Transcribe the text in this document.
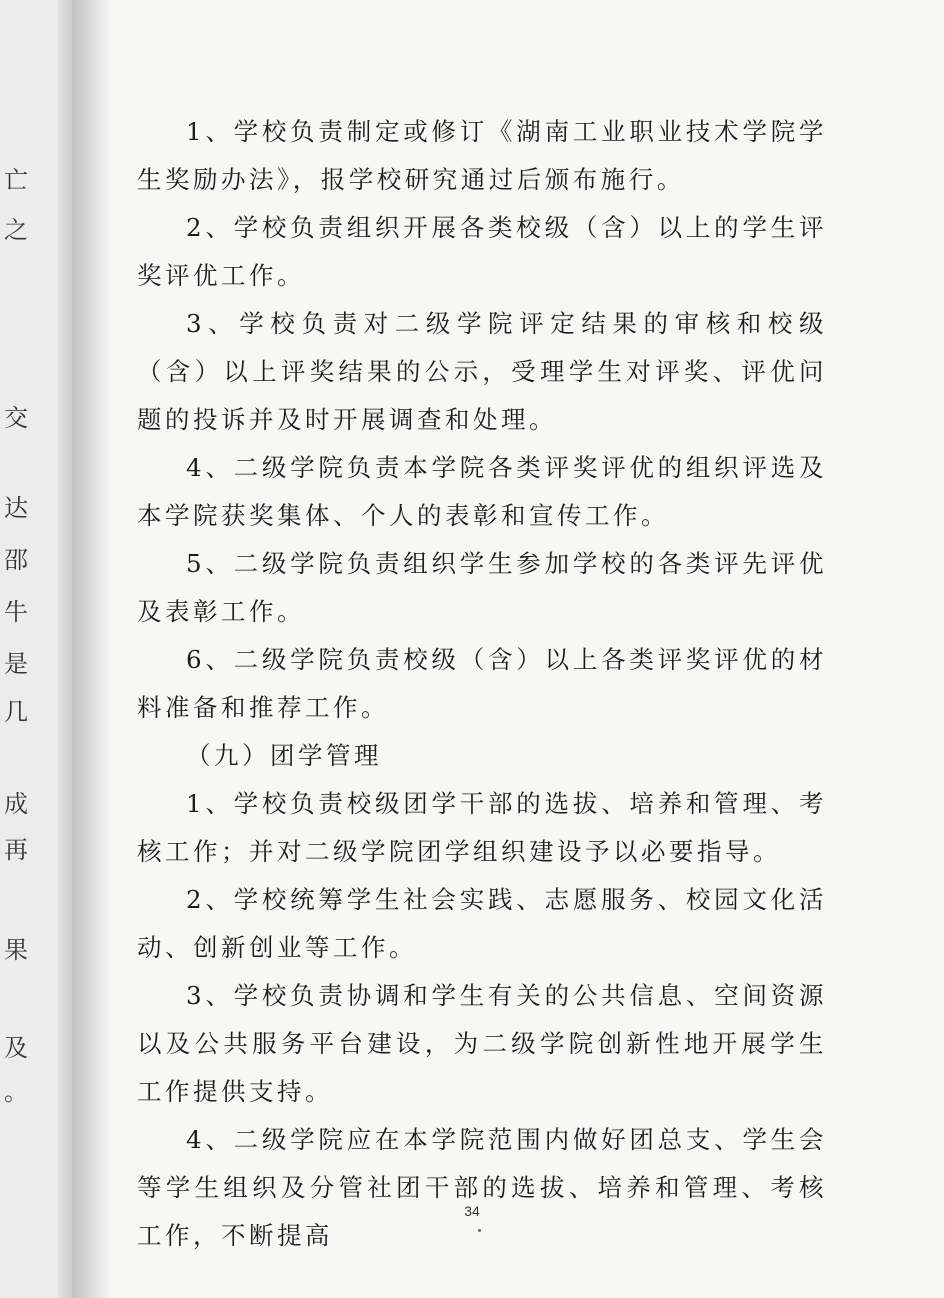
亡
之
交
达
邵
牛
是
几
成
再
果
及
。

1、学校负责制定或修订《湖南工业职业技术学院学生奖励办法》，报学校研究通过后颁布施行。

2、学校负责组织开展各类校级（含）以上的学生评奖评优工作。

3、学校负责对二级学院评定结果的审核和校级（含）以上评奖结果的公示，受理学生对评奖、评优问题的投诉并及时开展调查和处理。

4、二级学院负责本学院各类评奖评优的组织评选及本学院获奖集体、个人的表彰和宣传工作。

5、二级学院负责组织学生参加学校的各类评先评优及表彰工作。

6、二级学院负责校级（含）以上各类评奖评优的材料准备和推荐工作。

（九）团学管理

1、学校负责校级团学干部的选拔、培养和管理、考核工作；并对二级学院团学组织建设予以必要指导。

2、学校统筹学生社会实践、志愿服务、校园文化活动、创新创业等工作。

3、学校负责协调和学生有关的公共信息、空间资源以及公共服务平台建设，为二级学院创新性地开展学生工作提供支持。

4、二级学院应在本学院范围内做好团总支、学生会等学生组织及分管社团干部的选拔、培养和管理、考核工作，不断提高

34
